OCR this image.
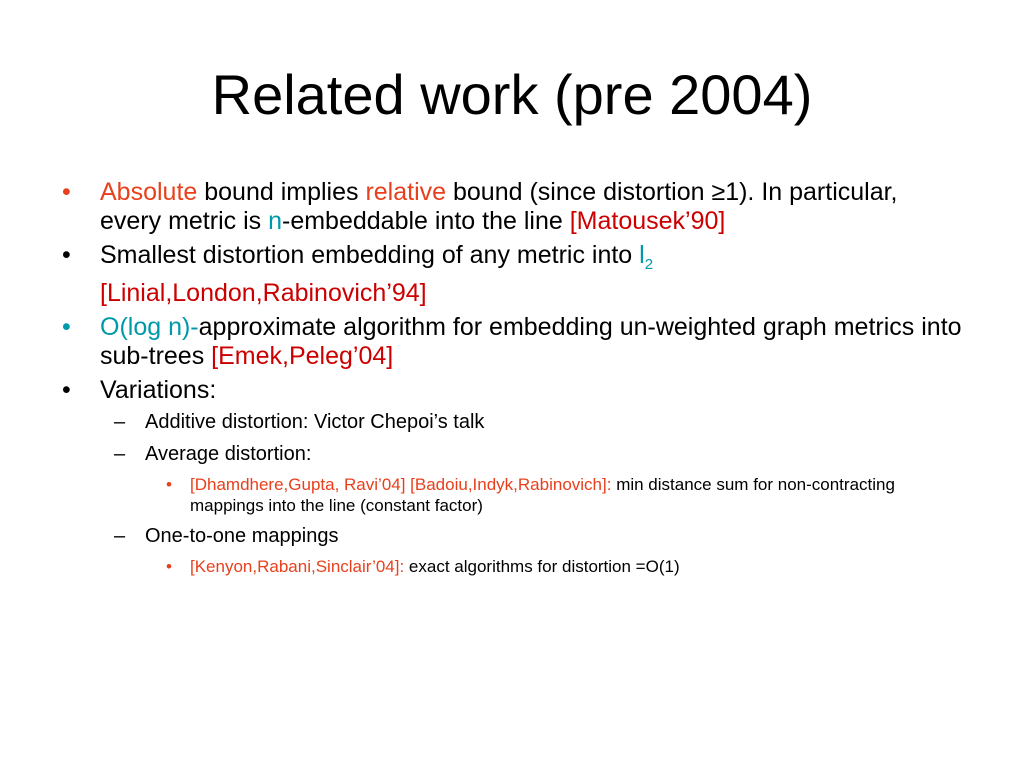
Related work (pre 2004)
• Absolute bound implies relative bound (since distortion ≥1). In particular, every metric is n-embeddable into the line [Matousek’90]
• Smallest distortion embedding of any metric into $l_2$
[Linial,London,Rabinovich’94]
• O(log n)-approximate algorithm for embedding un-weighted graph metrics into sub-trees [Emek,Peleg’04]
• Variations:
– Additive distortion: Victor Chepoi’s talk
– Average distortion:
• [Dhamdhere,Gupta, Ravi’04] [Badoiu,Indyk,Rabinovich]: min distance sum for non-contracting mappings into the line (constant factor)
– One-to-one mappings
• [Kenyon,Rabani,Sinclair’04]: exact algorithms for distortion =O(1)
